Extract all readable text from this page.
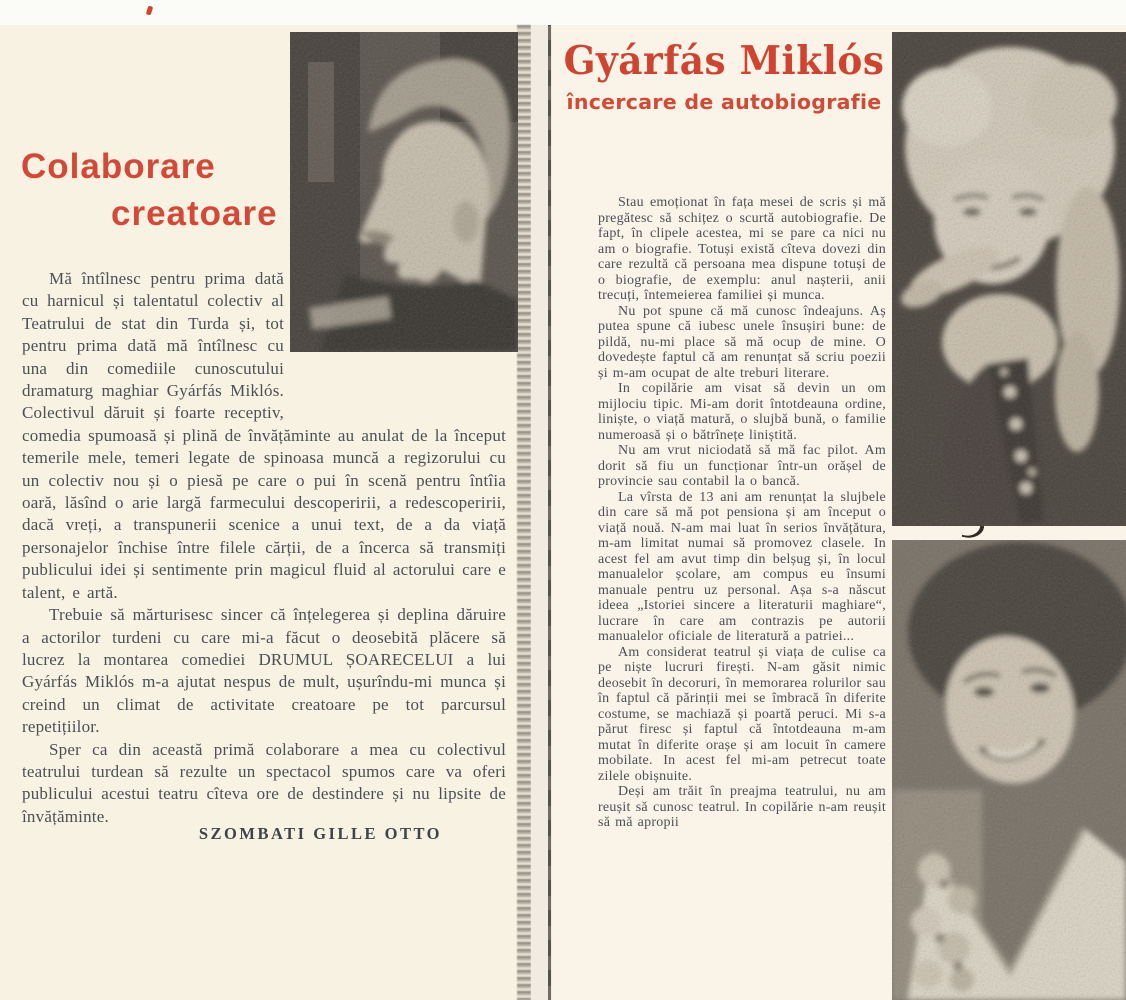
Colaborare
creatoare

Mă întîlnesc pentru prima dată cu harnicul și talentatul colectiv al Teatrului de stat din Turda și, tot pentru prima dată mă întîlnesc cu una din comediile cunoscutului dramaturg maghiar Gyárfás Miklós. Colectivul dăruit și foarte receptiv, comedia spumoasă și plină de învățăminte au anulat de la început temerile mele, temeri legate de spinoasa muncă a regizorului cu un colectiv nou și o piesă pe care o pui în scenă pentru întîia oară, lăsînd o arie largă farmecului descoperirii, a redescoperirii, dacă vreți, a transpunerii scenice a unui text, de a da viață personajelor închise între filele cărții, de a încerca să transmiți publicului idei și sentimente prin magicul fluid al actorului care e talent, e artă.

Trebuie să mărturisesc sincer că înțelegerea și deplina dăruire a actorilor turdeni cu care mi-a făcut o deosebită plăcere să lucrez la montarea comediei DRUMUL ȘOARECELUI a lui Gyárfás Miklós m-a ajutat nespus de mult, ușurîndu-mi munca și creind un climat de activitate creatoare pe tot parcursul repetițiilor.

Sper ca din această primă colaborare a mea cu colectivul teatrului turdean să rezulte un spectacol spumos care va oferi publicului acestui teatru cîteva ore de destindere și nu lipsite de învățăminte.

SZOMBATI GILLE OTTO
Gyárfás Miklós
încercare de autobiografie

Stau emoționat în fața mesei de scris și mă pregătesc să schițez o scurtă autobiografie. De fapt, în clipele acestea, mi se pare ca nici nu am o biografie. Totuși există cîteva dovezi din care rezultă că persoana mea dispune totuși de o biografie, de exemplu: anul nașterii, anii trecuți, întemeierea familiei și munca.

Nu pot spune că mă cunosc îndeajuns. Aș putea spune că iubesc unele însușiri bune: de pildă, nu-mi place să mă ocup de mine. O dovedește faptul că am renunțat să scriu poezii și m-am ocupat de alte treburi literare.

In copilărie am visat să devin un om mijlociu tipic. Mi-am dorit întotdeauna ordine, liniște, o viață matură, o slujbă bună, o familie numeroasă și o bătrînețe liniștită.

Nu am vrut niciodată să mă fac pilot. Am dorit să fiu un funcționar într-un orășel de provincie sau contabil la o bancă.

La vîrsta de 13 ani am renunțat la slujbele din care să mă pot pensiona și am început o viață nouă. N-am mai luat în serios învățătura, m-am limitat numai să promovez clasele. In acest fel am avut timp din belșug și, în locul manualelor școlare, am compus eu însumi manuale pentru uz personal. Așa s-a născut ideea „Istoriei sincere a literaturii maghiare“, lucrare în care am contrazis pe autorii manualelor oficiale de literatură a patriei...

Am considerat teatrul și viața de culise ca pe niște lucruri firești. N-am găsit nimic deosebit în decoruri, în memorarea rolurilor sau în faptul că părinții mei se îmbracă în diferite costume, se machiază și poartă peruci. Mi s-a părut firesc și faptul că întotdeauna m-am mutat în diferite orașe și am locuit în camere mobilate. In acest fel mi-am petrecut toate zilele obișnuite.

Deși am trăit în preajma teatrului, nu am reușit să cunosc teatrul. In copilărie n-am reușit să mă apropii
